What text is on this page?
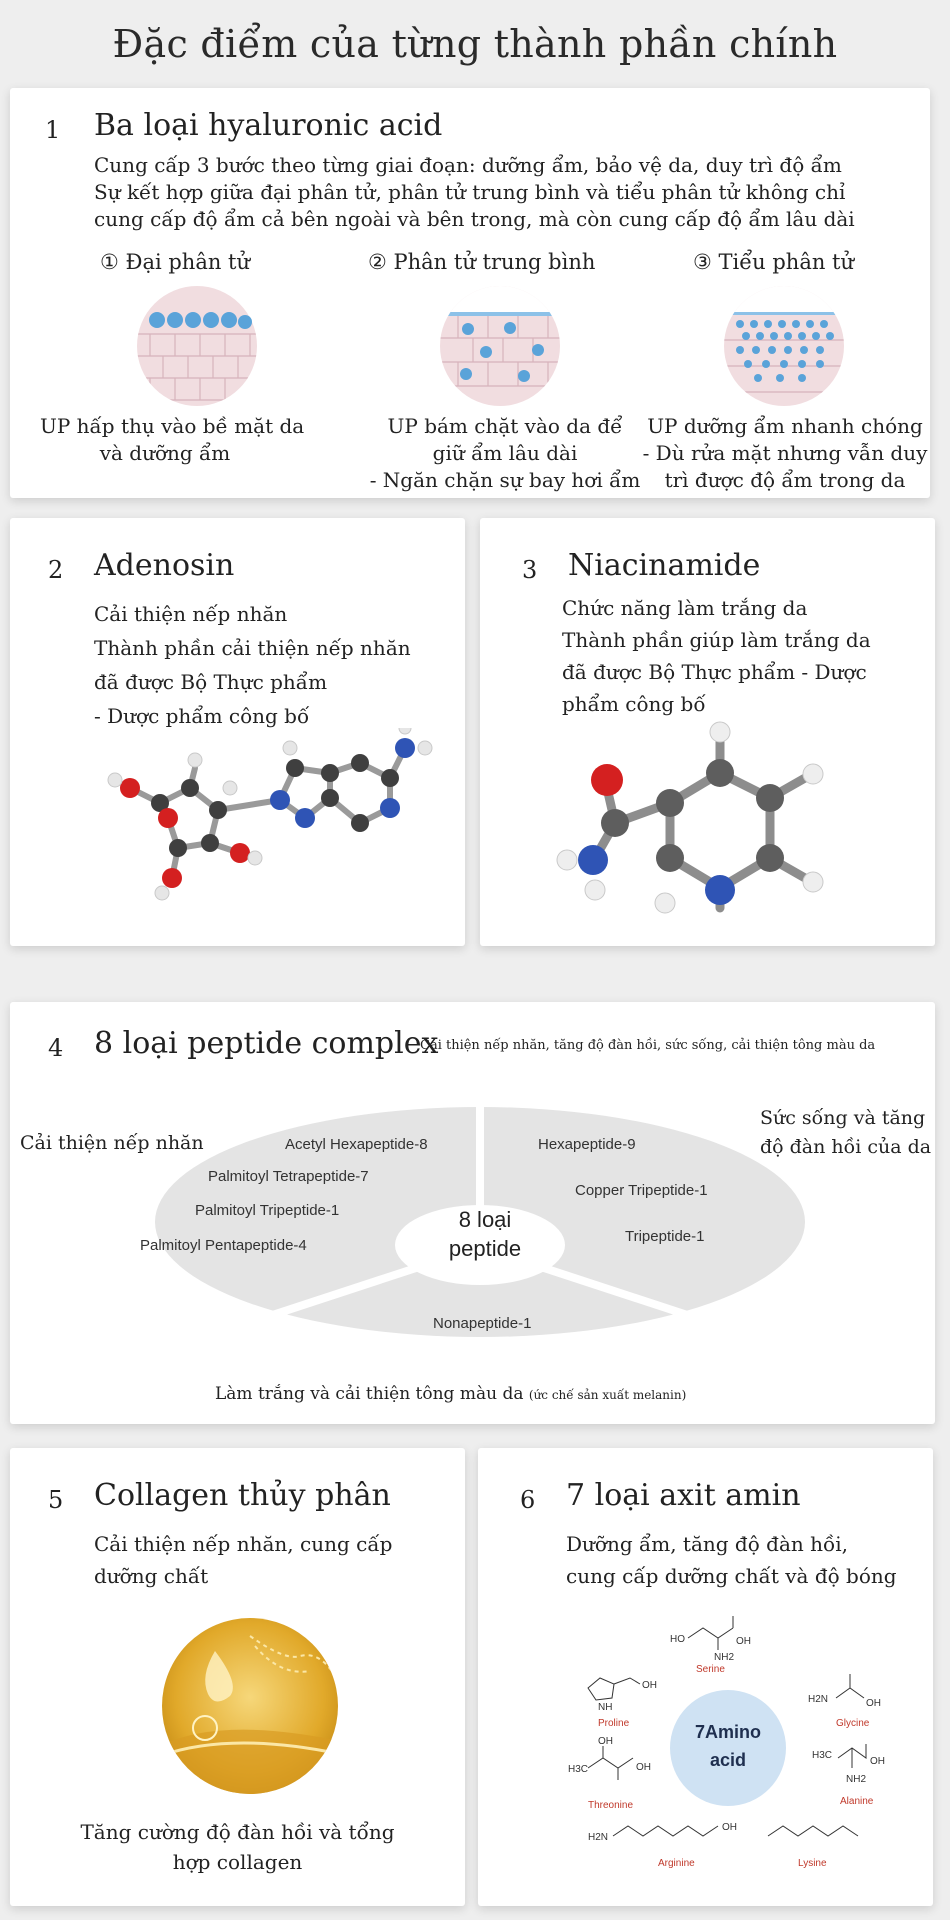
Đặc điểm của từng thành phần chính
1 Ba loại hyaluronic acid
Cung cấp 3 bước theo từng giai đoạn: dưỡng ẩm, bảo vệ da, duy trì độ ẩm
Sự kết hợp giữa đại phân tử, phân tử trung bình và tiểu phân tử không chỉ
cung cấp độ ẩm cả bên ngoài và bên trong, mà còn cung cấp độ ẩm lâu dài
① Đại phân tử	② Phân tử trung bình	③ Tiểu phân tử
UP hấp thụ vào bề mặt da
và dưỡng ẩm
UP bám chặt vào da để
giữ ẩm lâu dài
- Ngăn chặn sự bay hơi ẩm
UP dưỡng ẩm nhanh chóng
- Dù rửa mặt nhưng vẫn duy
trì được độ ẩm trong da
2 Adenosin
Cải thiện nếp nhăn
Thành phần cải thiện nếp nhăn
đã được Bộ Thực phẩm
- Dược phẩm công bố
3 Niacinamide
Chức năng làm trắng da
Thành phần giúp làm trắng da
đã được Bộ Thực phẩm - Dược
phẩm công bố
4 8 loại peptide complex
Cải thiện nếp nhăn, tăng độ đàn hồi, sức sống, cải thiện tông màu da
Cải thiện nếp nhăn
Sức sống và tăng
độ đàn hồi của da
8 loại
peptide
Acetyl Hexapeptide-8
Palmitoyl Tetrapeptide-7
Palmitoyl Tripeptide-1
Palmitoyl Pentapeptide-4
Hexapeptide-9
Copper Tripeptide-1
Tripeptide-1
Nonapeptide-1
Làm trắng và cải thiện tông màu da (ức chế sản xuất melanin)
5 Collagen thủy phân
Cải thiện nếp nhăn, cung cấp
dưỡng chất
Tăng cường độ đàn hồi và tổng
hợp collagen
6 7 loại axit amin
Dưỡng ẩm, tăng độ đàn hồi,
cung cấp dưỡng chất và độ bóng
7Amino
acid
HO	OH
NH2
Serine
NH
OH
Proline
H2N	OH
Glycine
H3C	OH
OH
Threonine
H3C
OH
NH2
Alanine
H2N
OH
Arginine	Lysine
